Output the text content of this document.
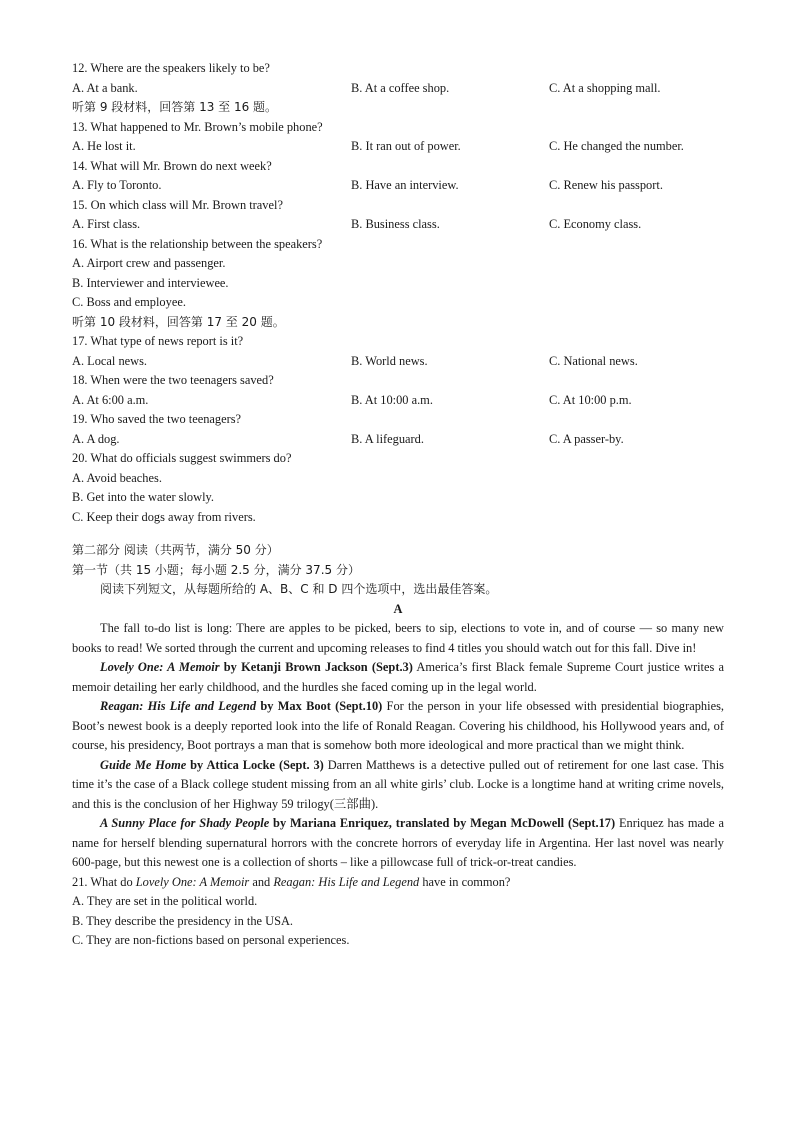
12. Where are the speakers likely to be?
A. At a bank.	B. At a coffee shop.	C. At a shopping mall.
听第 9 段材料，回答第 13 至 16 题。
13. What happened to Mr. Brown’s mobile phone?
A. He lost it.	B. It ran out of power.	C. He changed the number.
14. What will Mr. Brown do next week?
A. Fly to Toronto.	B. Have an interview.	C. Renew his passport.
15. On which class will Mr. Brown travel?
A. First class.	B. Business class.	C. Economy class.
16. What is the relationship between the speakers?
A. Airport crew and passenger.
B. Interviewer and interviewee.
C. Boss and employee.
听第 10 段材料，回答第 17 至 20 题。
17. What type of news report is it?
A. Local news.	B. World news.	C. National news.
18. When were the two teenagers saved?
A. At 6:00 a.m.	B. At 10:00 a.m.	C. At 10:00 p.m.
19. Who saved the two teenagers?
A. A dog.	B. A lifeguard.	C. A passer-by.
20. What do officials suggest swimmers do?
A. Avoid beaches.
B. Get into the water slowly.
C. Keep their dogs away from rivers.
第二部分 阅读（共两节，满分 50 分）
第一节（共 15 小题；每小题 2.5 分，满分 37.5 分）
阅读下列短文，从每题所给的 A、B、C 和 D 四个选项中，选出最佳答案。
A
The fall to-do list is long: There are apples to be picked, beers to sip, elections to vote in, and of course — so many new books to read! We sorted through the current and upcoming releases to find 4 titles you should watch out for this fall. Dive in!
Lovely One: A Memoir by Ketanji Brown Jackson (Sept.3) America’s first Black female Supreme Court justice writes a memoir detailing her early childhood, and the hurdles she faced coming up in the legal world.
Reagan: His Life and Legend by Max Boot (Sept.10) For the person in your life obsessed with presidential biographies, Boot’s newest book is a deeply reported look into the life of Ronald Reagan. Covering his childhood, his Hollywood years and, of course, his presidency, Boot portrays a man that is somehow both more ideological and more practical than we might think.
Guide Me Home by Attica Locke (Sept. 3) Darren Matthews is a detective pulled out of retirement for one last case. This time it’s the case of a Black college student missing from an all white girls’ club. Locke is a longtime hand at writing crime novels, and this is the conclusion of her Highway 59 trilogy(三部曲).
A Sunny Place for Shady People by Mariana Enriquez, translated by Megan McDowell (Sept.17) Enriquez has made a name for herself blending supernatural horrors with the concrete horrors of everyday life in Argentina. Her last novel was nearly 600-page, but this newest one is a collection of shorts – like a pillowcase full of trick-or-treat candies.
21. What do Lovely One: A Memoir and Reagan: His Life and Legend have in common?
A. They are set in the political world.
B. They describe the presidency in the USA.
C. They are non-fictions based on personal experiences.
